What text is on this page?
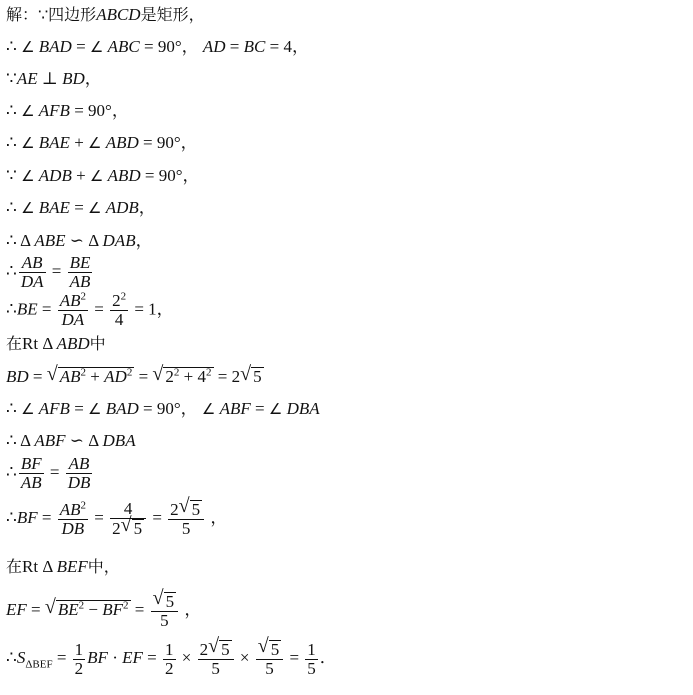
解：∵四边形ABCD是矩形，
∴ ∠ BAD = ∠ ABC = 90°， AD = BC = 4，
∵AE ⊥ BD，
∴ ∠ AFB = 90°，
∴ ∠ BAE + ∠ ABD = 90°，
∵ ∠ ADB + ∠ ABD = 90°，
∴ ∠ BAE = ∠ ADB，
∴ Δ ABE ∽ Δ DAB，
∴ $\frac{AB}{DA} = \frac{BE}{AB}$
∴BE = $\frac{AB^2}{DA} = \frac{2^2}{4} = 1$，
在Rt Δ ABD中
BD = √ $AB^2 + AD^2$ = √ $2^2 + 4^2 = 2√$ 5
∴ ∠ AFB = ∠ BAD = 90°， ∠ ABF = ∠ DBA
∴ Δ ABF ∽ Δ DBA
∴ $\frac{BF}{AB} = \frac{AB}{DB}$
∴BF = $\frac{AB^2}{DB} = \frac{4}{2√ 5} = \frac{2√ 5}{5}$ ，
在Rt Δ BEF中，
EF = √ $BE^2 - BF^2$ =
√ $\frac{5}{5}$ ，
$\therefore S_{\Delta BEF} = \frac{1}{2}$ BF · EF = $\frac{1}{2} \times \frac{2√ 5}{5}$ ×
√ $\frac{5}{5} = \frac{1}{5}$ ．
